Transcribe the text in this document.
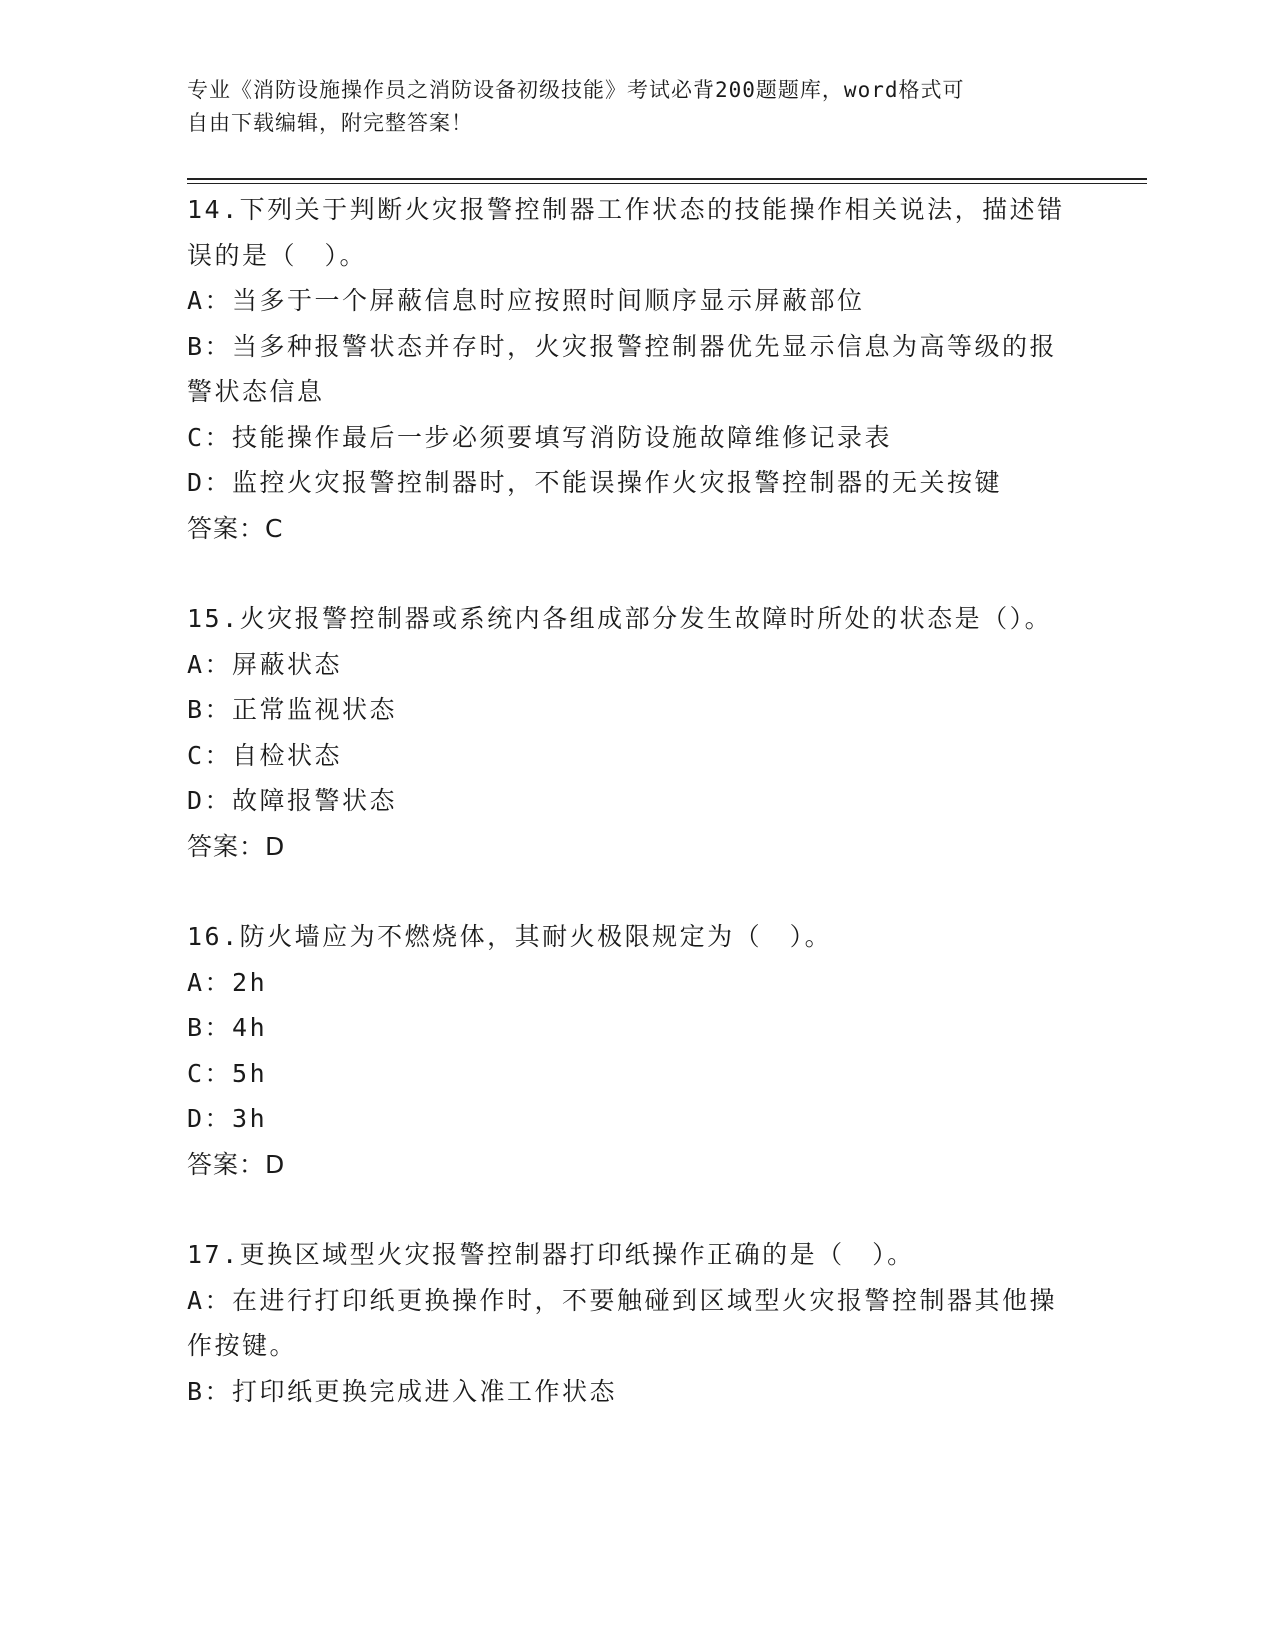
专业《消防设施操作员之消防设备初级技能》考试必背200题题库，word格式可
自由下载编辑，附完整答案！
14.下列关于判断火灾报警控制器工作状态的技能操作相关说法，描述错误的是（　）。
A：当多于一个屏蔽信息时应按照时间顺序显示屏蔽部位
B：当多种报警状态并存时，火灾报警控制器优先显示信息为高等级的报警状态信息
C：技能操作最后一步必须要填写消防设施故障维修记录表
D：监控火灾报警控制器时，不能误操作火灾报警控制器的无关按键
答案：C
15.火灾报警控制器或系统内各组成部分发生故障时所处的状态是（）。
A：屏蔽状态
B：正常监视状态
C：自检状态
D：故障报警状态
答案：D
16.防火墙应为不燃烧体，其耐火极限规定为（　）。
A：2h
B：4h
C：5h
D：3h
答案：D
17.更换区域型火灾报警控制器打印纸操作正确的是（　）。
A：在进行打印纸更换操作时，不要触碰到区域型火灾报警控制器其他操作按键。
B：打印纸更换完成进入准工作状态
